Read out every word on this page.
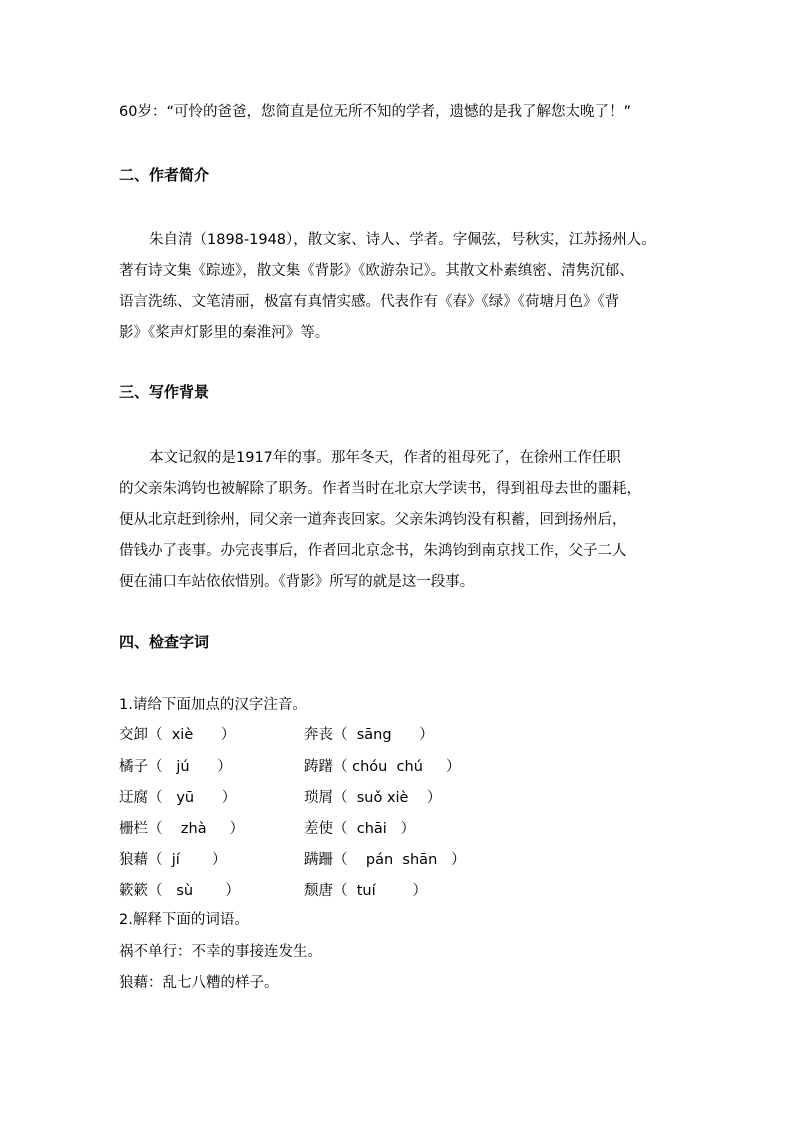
60岁：“可怜的爸爸，您简直是位无所不知的学者，遗憾的是我了解您太晚了！”
二、作者简介
朱自清（1898-1948），散文家、诗人、学者。字佩弦，号秋实，江苏扬州人。
著有诗文集《踪迹》，散文集《背影》《欧游杂记》。其散文朴素缜密、清隽沉郁、
语言洗练、文笔清丽，极富有真情实感。代表作有《春》《绿》《荷塘月色》《背
影》《桨声灯影里的秦淮河》等。
三、写作背景
本文记叙的是1917年的事。那年冬天，作者的祖母死了，在徐州工作任职
的父亲朱鸿钧也被解除了职务。作者当时在北京大学读书，得到祖母去世的噩耗，
便从北京赶到徐州，同父亲一道奔丧回家。父亲朱鸿钧没有积蓄，回到扬州后，
借钱办了丧事。办完丧事后，作者回北京念书，朱鸿钧到南京找工作，父子二人
便在浦口车站依依惜别。《背影》所写的就是这一段事。
四、检查字词
1.请给下面加点的汉字注音。
交卸（  xiè      ）	奔丧（  sāng      ）
橘子（   jú      ）	踌躇（ chóu  chú     ）
迂腐（   yū      ）	琐屑（  suǒ xiè    ）
栅栏（    zhà     ）	差使（  chāi   ）
狼藉（  jí       ）	蹒跚（    pán  shān   ）
簌簌（   sù       ）	颓唐（  tuí        ）
2.解释下面的词语。
祸不单行：不幸的事接连发生。
狼藉：乱七八糟的样子。
